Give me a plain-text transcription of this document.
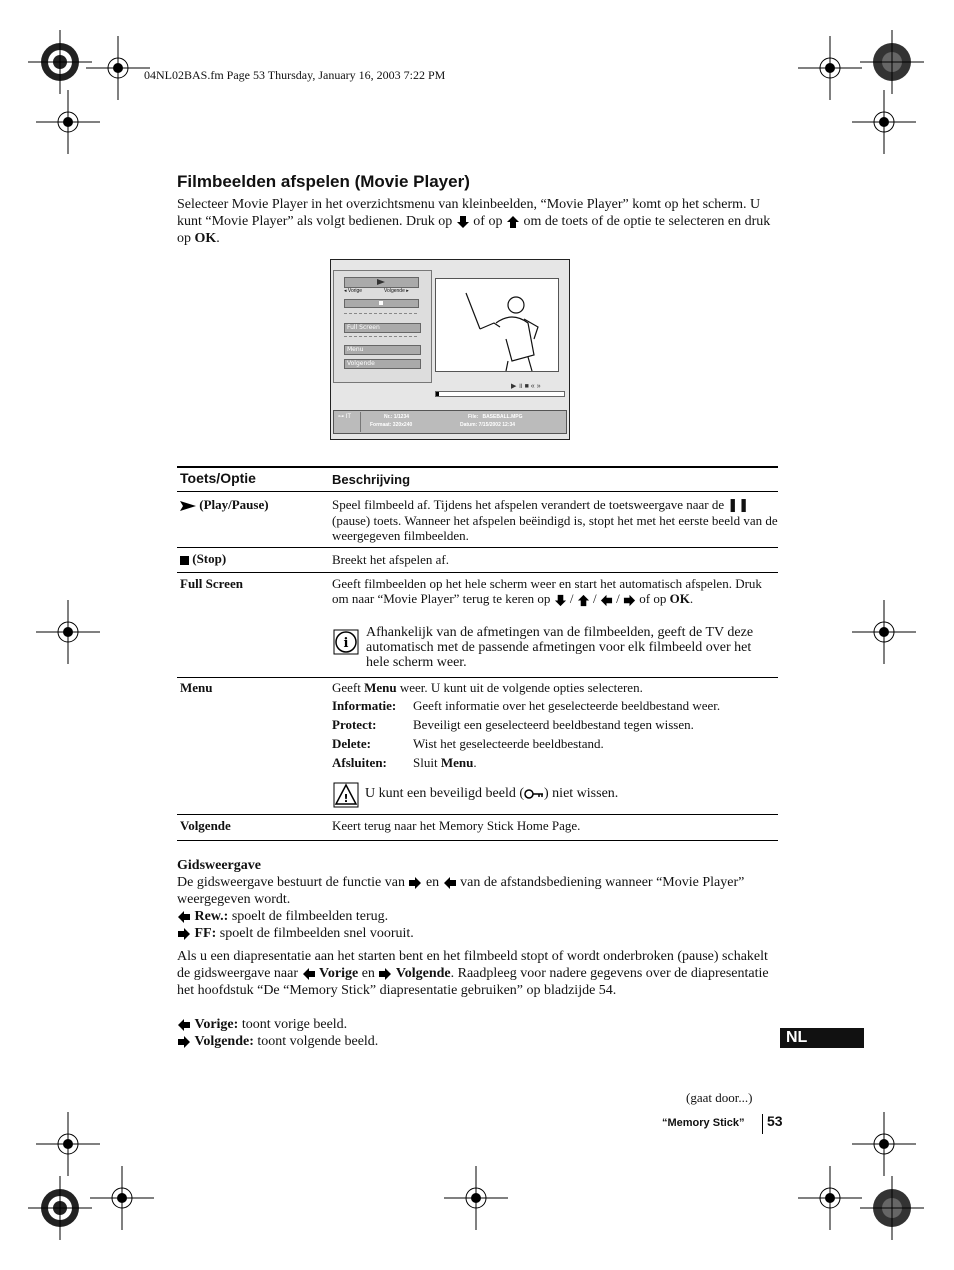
04NL02BAS.fm Page 53 Thursday, January 16, 2003 7:22 PM
Filmbeelden afspelen (Movie Player)
Selecteer Movie Player in het overzichtsmenu van kleinbeelden, “Movie Player” komt op het scherm. U kunt “Movie Player” als volgt bedienen. Druk op  of op  om de toets of de optie te selecteren en druk op OK.
◂ Vorige	Volgende ▸
Full Screen
Menu
Volgende
▶॥■«»
⊶ IT	Nr.: 1/1234
Formaat: 320x240
File: BASEBALL.MPG
Datum: 7/15/2002 12:34
Toets/Optie	Beschrijving
(Play/Pause)	Speel filmbeeld af. Tijdens het afspelen verandert de toetsweergave naar de ❚❚ (pause) toets. Wanneer het afspelen beëindigd is, stopt het met het eerste beeld van de weergegeven filmbeelden.
(Stop)	Breekt het afspelen af.
Full Screen	Geeft filmbeelden op het hele scherm weer en start het automatisch afspelen. Druk om naar “Movie Player” terug te keren op  /  /  /  of op OK.
i
Afhankelijk van de afmetingen van de filmbeelden, geeft de TV deze automatisch met de passende afmetingen voor elk filmbeeld over het hele scherm weer.
Menu	Geeft Menu weer. U kunt uit de volgende opties selecteren.
Informatie: Geeft informatie over het geselecteerde beeldbestand weer.
Protect:	Beveiligt een geselecteerd beeldbestand tegen wissen.
Delete:	Wist het geselecteerde beeldbestand.
Afsluiten: Sluit Menu.
! U kunt een beveiligd beeld ( ) niet wissen.
Volgende	Keert terug naar het Memory Stick Home Page.
Gidsweergave
De gidsweergave bestuurt de functie van  en  van de afstandsbediening wanneer “Movie Player” weergegeven wordt.
Rew.: spoelt de filmbeelden terug.
FF: spoelt de filmbeelden snel vooruit.
Als u een diapresentatie aan het starten bent en het filmbeeld stopt of wordt onderbroken (pause) schakelt de gidsweergave naar  Vorige en  Volgende. Raadpleeg voor nadere gegevens over de diapresentatie het hoofdstuk “De “Memory Stick” diapresentatie gebruiken” op bladzijde 54.
Vorige: toont vorige beeld.
Volgende: toont volgende beeld.	NL
(gaat door...)
“Memory Stick” 53
